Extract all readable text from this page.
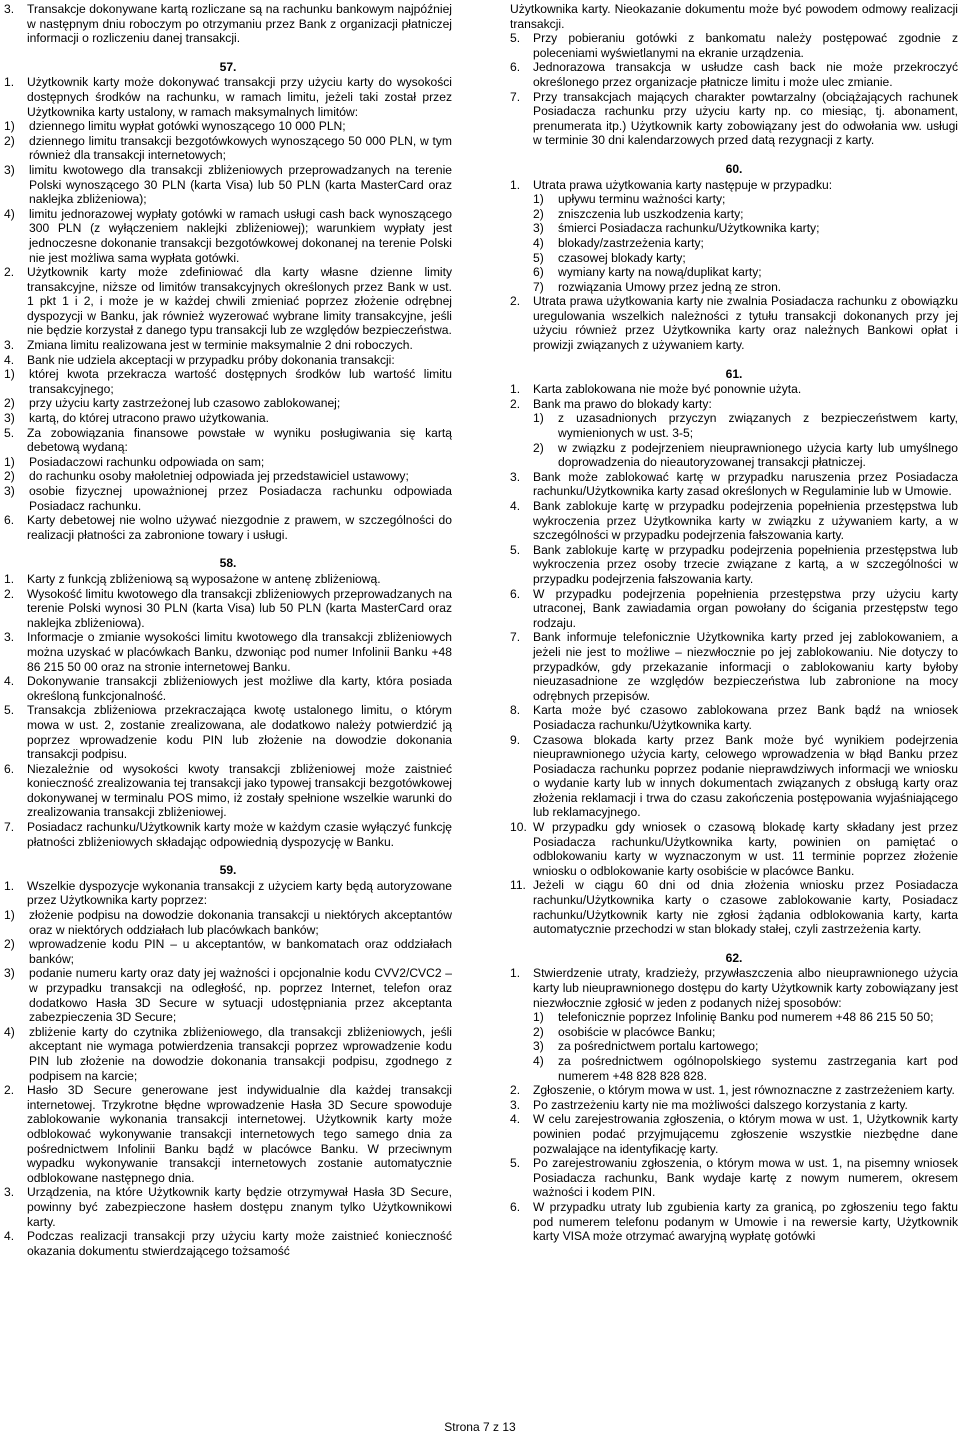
3.	Transakcje dokonywane kartą rozliczane są na rachunku bankowym najpóźniej w następnym dniu roboczym po otrzymaniu przez Bank z organizacji płatniczej informacji o rozliczeniu danej transakcji.
57.
1.	Użytkownik karty może dokonywać transakcji przy użyciu karty do wysokości dostępnych środków na rachunku, w ramach limitu, jeżeli taki został przez Użytkownika karty ustalony, w ramach maksymalnych limitów:
1)	dziennego limitu wypłat gotówki wynoszącego 10 000 PLN;
2)	dziennego limitu transakcji bezgotówkowych wynoszącego 50 000 PLN, w tym również dla transakcji internetowych;
3)	limitu kwotowego dla transakcji zbliżeniowych przeprowadzanych na terenie Polski wynoszącego 30 PLN (karta Visa) lub 50 PLN (karta MasterCard oraz naklejka zbliżeniowa);
4)	limitu jednorazowej wypłaty gotówki w ramach usługi cash back wynoszącego 300 PLN (z wyłączeniem naklejki zbliżeniowej); warunkiem wypłaty jest jednoczesne dokonanie transakcji bezgotówkowej dokonanej na terenie Polski nie jest możliwa sama wypłata gotówki.
2.	Użytkownik karty może zdefiniować dla karty własne dzienne limity transakcyjne, niższe od limitów transakcyjnych określonych przez Bank w ust. 1 pkt 1 i 2, i może je w każdej chwili zmieniać poprzez złożenie odrębnej dyspozycji w Banku, jak również wyzerować wybrane limity transakcyjne, jeśli nie będzie korzystał z danego typu transakcji lub ze względów bezpieczeństwa.
3.	Zmiana limitu realizowana jest w terminie maksymalnie 2 dni roboczych.
4.	Bank nie udziela akceptacji w przypadku próby dokonania transakcji:
1)	której kwota przekracza wartość dostępnych środków lub wartość limitu transakcyjnego;
2)	przy użyciu karty zastrzeżonej lub czasowo zablokowanej;
3)	kartą, do której utracono prawo użytkowania.
5.	Za zobowiązania finansowe powstałe w wyniku posługiwania się kartą debetową wydaną:
1)	Posiadaczowi rachunku odpowiada on sam;
2)	do rachunku osoby małoletniej odpowiada jej przedstawiciel ustawowy;
3)	osobie fizycznej upoważnionej przez Posiadacza rachunku odpowiada Posiadacz rachunku.
6.	Karty debetowej nie wolno używać niezgodnie z prawem, w szczególności do realizacji płatności za zabronione towary i usługi.
58.
1.	Karty z funkcją zbliżeniową są wyposażone w antenę zbliżeniową.
2.	Wysokość limitu kwotowego dla transakcji zbliżeniowych przeprowadzanych na terenie Polski wynosi 30 PLN (karta Visa) lub 50 PLN (karta MasterCard oraz naklejka zbliżeniowa).
3.	Informacje o zmianie wysokości limitu kwotowego dla transakcji zbliżeniowych można uzyskać w placówkach Banku, dzwoniąc pod numer Infolinii Banku +48 86 215 50 00 oraz na stronie internetowej Banku.
4.	Dokonywanie transakcji zbliżeniowych jest możliwe dla karty, która posiada określoną funkcjonalność.
5.	Transakcja zbliżeniowa przekraczająca kwotę ustalonego limitu, o którym mowa w ust. 2, zostanie zrealizowana, ale dodatkowo należy potwierdzić ją poprzez wprowadzenie kodu PIN lub złożenie na dowodzie dokonania transakcji podpisu.
6.	Niezależnie od wysokości kwoty transakcji zbliżeniowej może zaistnieć konieczność zrealizowania tej transakcji jako typowej transakcji bezgotówkowej dokonywanej w terminalu POS mimo, iż zostały spełnione wszelkie warunki do zrealizowania transakcji zbliżeniowej.
7.	Posiadacz rachunku/Użytkownik karty może w każdym czasie wyłączyć funkcję płatności zbliżeniowych składając odpowiednią dyspozycję w Banku.
59.
1.	Wszelkie dyspozycje wykonania transakcji z użyciem karty będą autoryzowane przez Użytkownika karty poprzez:
1)	złożenie podpisu na dowodzie dokonania transakcji u niektórych akceptantów oraz w niektórych oddziałach lub placówkach banków;
2)	wprowadzenie kodu PIN – u akceptantów, w bankomatach oraz oddziałach banków;
3)	podanie numeru karty oraz daty jej ważności i opcjonalnie kodu CVV2/CVC2 – w przypadku transakcji na odległość, np. poprzez Internet, telefon oraz dodatkowo Hasła 3D Secure w sytuacji udostępniania przez akceptanta zabezpieczenia 3D Secure;
4)	zbliżenie karty do czytnika zbliżeniowego, dla transakcji zbliżeniowych, jeśli akceptant nie wymaga potwierdzenia transakcji poprzez wprowadzenie kodu PIN lub złożenie na dowodzie dokonania transakcji podpisu, zgodnego z podpisem na karcie;
2.	Hasło 3D Secure generowane jest indywidualnie dla każdej transakcji internetowej. Trzykrotne błędne wprowadzenie Hasła 3D Secure spowoduje zablokowanie wykonania transakcji internetowej. Użytkownik karty może odblokować wykonywanie transakcji internetowych tego samego dnia za pośrednictwem Infolinii Banku bądź w placówce Banku. W przeciwnym wypadku wykonywanie transakcji internetowych zostanie automatycznie odblokowane następnego dnia.
3.	Urządzenia, na które Użytkownik karty będzie otrzymywał Hasła 3D Secure, powinny być zabezpieczone hasłem dostępu znanym tylko Użytkownikowi karty.
4.	Podczas realizacji transakcji przy użyciu karty może zaistnieć konieczność okazania dokumentu stwierdzającego tożsamość
Użytkownika karty. Nieokazanie dokumentu może być powodem odmowy realizacji transakcji.
5.	Przy pobieraniu gotówki z bankomatu należy postępować zgodnie z poleceniami wyświetlanymi na ekranie urządzenia.
6.	Jednorazowa transakcja w usłudze cash back nie może przekroczyć określonego przez organizacje płatnicze limitu i może ulec zmianie.
7.	Przy transakcjach mających charakter powtarzalny (obciążających rachunek Posiadacza rachunku przy użyciu karty np. co miesiąc, tj. abonament, prenumerata itp.) Użytkownik karty zobowiązany jest do odwołania ww. usługi w terminie 30 dni kalendarzowych przed datą rezygnacji z karty.
60.
1.	Utrata prawa użytkowania karty następuje w przypadku:
1)	upływu terminu ważności karty;
2)	zniszczenia lub uszkodzenia karty;
3)	śmierci Posiadacza rachunku/Użytkownika karty;
4)	blokady/zastrzeżenia karty;
5)	czasowej blokady karty;
6)	wymiany karty na nową/duplikat karty;
7)	rozwiązania Umowy przez jedną ze stron.
2.	Utrata prawa użytkowania karty nie zwalnia Posiadacza rachunku z obowiązku uregulowania wszelkich należności z tytułu transakcji dokonanych przy jej użyciu również przez Użytkownika karty oraz należnych Bankowi opłat i prowizji związanych z używaniem karty.
61.
1.	Karta zablokowana nie może być ponownie użyta.
2.	Bank ma prawo do blokady karty:
1)	z uzasadnionych przyczyn związanych z bezpieczeństwem karty, wymienionych w ust. 3-5;
2)	w związku z podejrzeniem nieuprawnionego użycia karty lub umyślnego doprowadzenia do nieautoryzowanej transakcji płatniczej.
3.	Bank może zablokować kartę w przypadku naruszenia przez Posiadacza rachunku/Użytkownika karty zasad określonych w Regulaminie lub w Umowie.
4.	Bank zablokuje kartę w przypadku podejrzenia popełnienia przestępstwa lub wykroczenia przez Użytkownika karty w związku z używaniem karty, a w szczególności w przypadku podejrzenia fałszowania karty.
5.	Bank zablokuje kartę w przypadku podejrzenia popełnienia przestępstwa lub wykroczenia przez osoby trzecie związane z kartą, a w szczególności w przypadku podejrzenia fałszowania karty.
6.	W przypadku podejrzenia popełnienia przestępstwa przy użyciu karty utraconej, Bank zawiadamia organ powołany do ścigania przestępstw tego rodzaju.
7.	Bank informuje telefonicznie Użytkownika karty przed jej zablokowaniem, a jeżeli nie jest to możliwe – niezwłocznie po jej zablokowaniu. Nie dotyczy to przypadków, gdy przekazanie informacji o zablokowaniu karty byłoby nieuzasadnione ze względów bezpieczeństwa lub zabronione na mocy odrębnych przepisów.
8.	Karta może być czasowo zablokowana przez Bank bądź na wniosek Posiadacza rachunku/Użytkownika karty.
9.	Czasowa blokada karty przez Bank może być wynikiem podejrzenia nieuprawnionego użycia karty, celowego wprowadzenia w błąd Banku przez Posiadacza rachunku poprzez podanie nieprawdziwych informacji we wniosku o wydanie karty lub w innych dokumentach związanych z obsługą karty oraz złożenia reklamacji i trwa do czasu zakończenia postępowania wyjaśniającego lub reklamacyjnego.
10. W przypadku gdy wniosek o czasową blokadę karty składany jest przez Posiadacza rachunku/Użytkownika karty, powinien on pamiętać o odblokowaniu karty w wyznaczonym w ust. 11 terminie poprzez złożenie wniosku o odblokowanie karty osobiście w placówce Banku.
11. Jeżeli w ciągu 60 dni od dnia złożenia wniosku przez Posiadacza rachunku/Użytkownika karty o czasowe zablokowanie karty, Posiadacz rachunku/Użytkownik karty nie zgłosi żądania odblokowania karty, karta automatycznie przechodzi w stan blokady stałej, czyli zastrzeżenia karty.
62.
1.	Stwierdzenie utraty, kradzieży, przywłaszczenia albo nieuprawnionego użycia karty lub nieuprawnionego dostępu do karty Użytkownik karty zobowiązany jest niezwłocznie zgłosić w jeden z podanych niżej sposobów:
1)	telefonicznie poprzez Infolinię Banku pod numerem +48 86 215 50 50;
2)	osobiście w placówce Banku;
3)	za pośrednictwem portalu kartowego;
4)	za pośrednictwem ogólnopolskiego systemu zastrzegania kart pod numerem +48 828 828 828.
2.	Zgłoszenie, o którym mowa w ust. 1, jest równoznaczne z zastrzeżeniem karty.
3.	Po zastrzeżeniu karty nie ma możliwości dalszego korzystania z karty.
4.	W celu zarejestrowania zgłoszenia, o którym mowa w ust. 1, Użytkownik karty powinien podać przyjmującemu zgłoszenie wszystkie niezbędne dane pozwalające na identyfikację karty.
5.	Po zarejestrowaniu zgłoszenia, o którym mowa w ust. 1, na pisemny wniosek Posiadacza rachunku, Bank wydaje kartę z nowym numerem, okresem ważności i kodem PIN.
6.	W przypadku utraty lub zgubienia karty za granicą, po zgłoszeniu tego faktu pod numerem telefonu podanym w Umowie i na rewersie karty, Użytkownik karty VISA może otrzymać awaryjną wypłatę gotówki
Strona 7 z 13
